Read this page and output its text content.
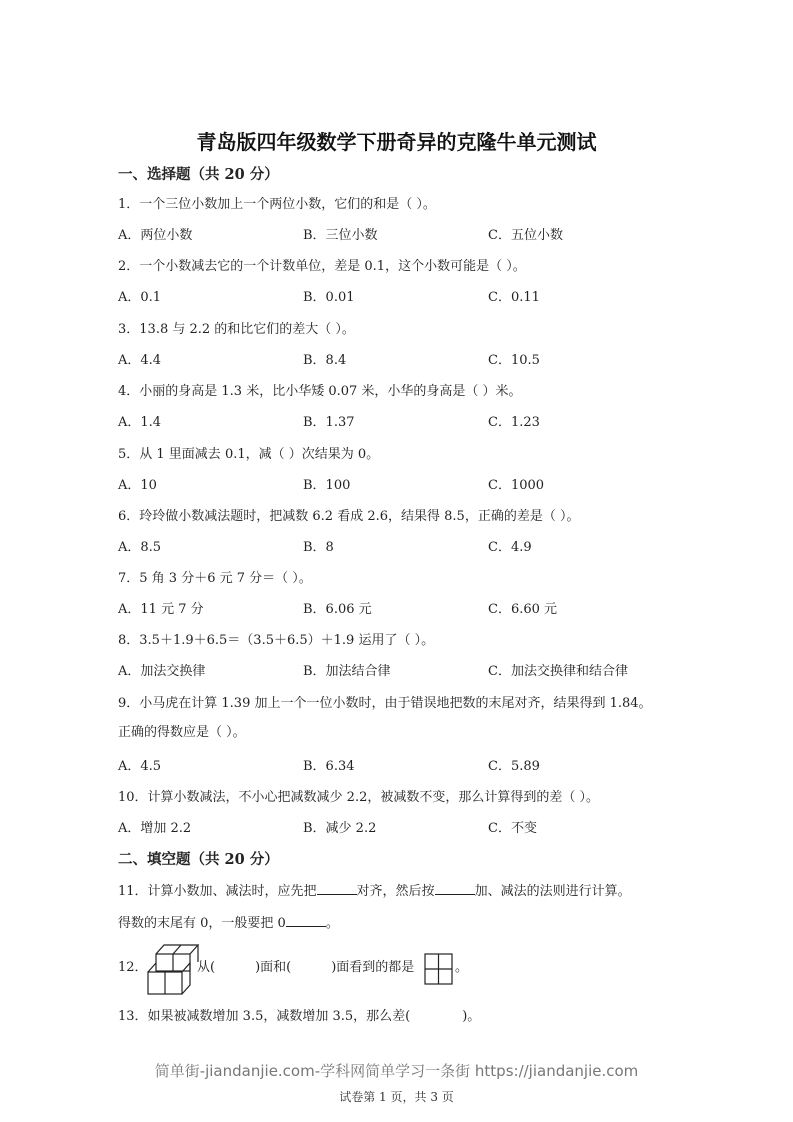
青岛版四年级数学下册奇异的克隆牛单元测试
一、选择题（共 20 分）
1．一个三位小数加上一个两位小数，它们的和是（ ）。
A．两位小数	B．三位小数	C．五位小数
2．一个小数减去它的一个计数单位，差是 0.1，这个小数可能是（ ）。
A．0.1	B．0.01	C．0.11
3．13.8 与 2.2 的和比它们的差大（ ）。
A．4.4	B．8.4	C．10.5
4．小丽的身高是 1.3 米，比小华矮 0.07 米，小华的身高是（ ）米。
A．1.4	B．1.37	C．1.23
5．从 1 里面减去 0.1，减（ ）次结果为 0。
A．10	B．100	C．1000
6．玲玲做小数减法题时，把减数 6.2 看成 2.6，结果得 8.5，正确的差是（ ）。
A．8.5	B．8	C．4.9
7．5 角 3 分＋6 元 7 分＝（ ）。
A．11 元 7 分	B．6.06 元	C．6.60 元
8．3.5＋1.9＋6.5＝（3.5＋6.5）＋1.9 运用了（ ）。
A．加法交换律	B．加法结合律	C．加法交换律和结合律
9．小马虎在计算 1.39 加上一个一位小数时，由于错误地把数的末尾对齐，结果得到 1.84。
正确的得数应是（ ）。
A．4.5	B．6.34	C．5.89
10．计算小数减法，不小心把减数减少 2.2，被减数不变，那么计算得到的差（ ）。
A．增加 2.2	B．减少 2.2	C．不变
二、填空题（共 20 分）
11．计算小数加、减法时，应先把	对齐，然后按	加、减法的法则进行计算。
得数的末尾有 0，一般要把 0	。
12．	从(	)面和(	)面看到的都是	。
13．如果被减数增加 3.5，减数增加 3.5，那么差(	)。
简单街-jiandanjie.com-学科网简单学习一条街 https://jiandanjie.com
试卷第 1 页，共 3 页
